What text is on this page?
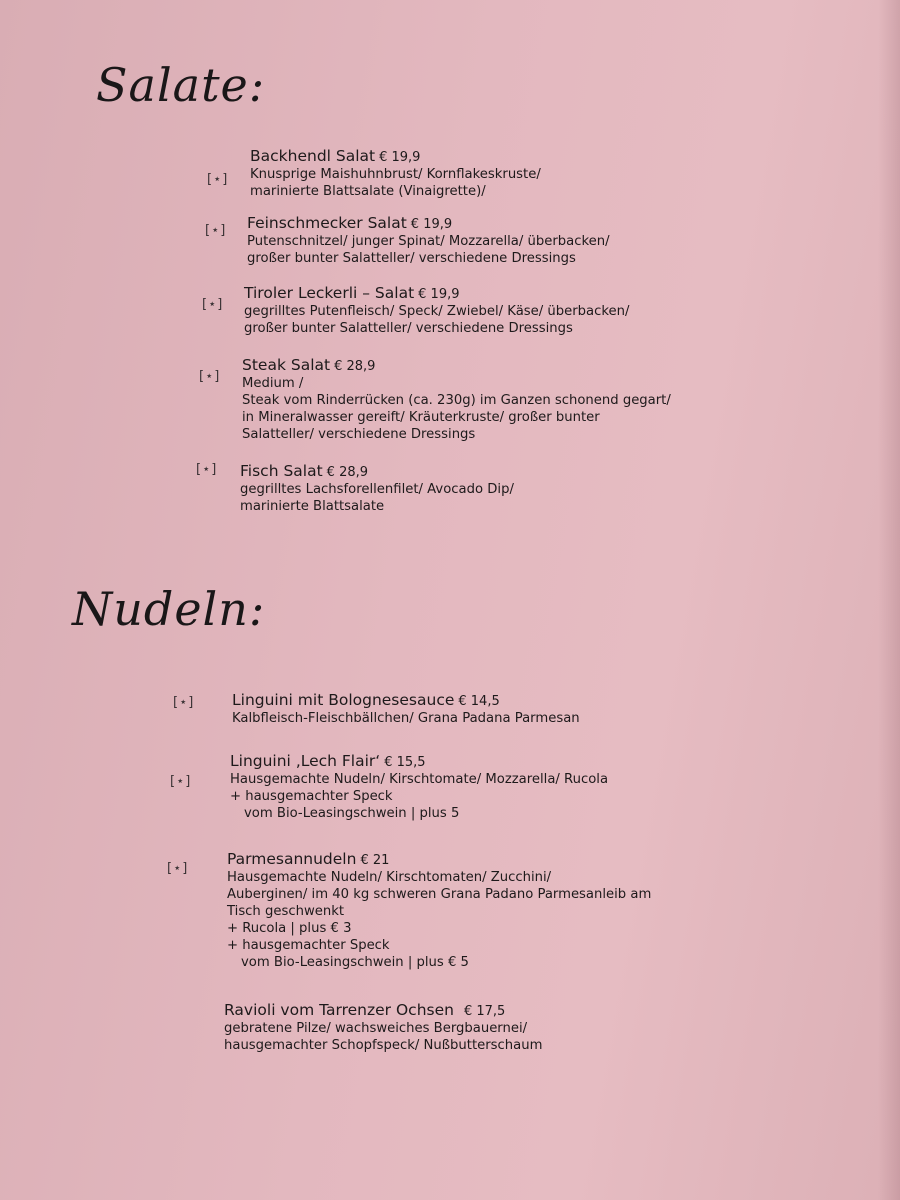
Salate:
[⋆]
Backhendl Salat € 19,9
Knusprige Maishuhnbrust/ Kornflakeskruste/
marinierte Blattsalate (Vinaigrette)/
[⋆] Feinschmecker Salat € 19,9
Putenschnitzel/ junger Spinat/ Mozzarella/ überbacken/
großer bunter Salatteller/ verschiedene Dressings
[⋆]
Tiroler Leckerli – Salat € 19,9
gegrilltes Putenfleisch/ Speck/ Zwiebel/ Käse/ überbacken/
großer bunter Salatteller/ verschiedene Dressings
[⋆]
Steak Salat € 28,9
Medium /
Steak vom Rinderrücken (ca. 230g) im Ganzen schonend gegart/
in Mineralwasser gereift/ Kräuterkruste/ großer bunter
Salatteller/ verschiedene Dressings
[⋆] Fisch Salat € 28,9
gegrilltes Lachsforellenfilet/ Avocado Dip/
marinierte Blattsalate
Nudeln:
[⋆] Linguini mit Bolognesesauce € 14,5
Kalbfleisch-Fleischbällchen/ Grana Padana Parmesan
[⋆]
Linguini ‚Lech Flair‘ € 15,5
Hausgemachte Nudeln/ Kirschtomate/ Mozzarella/ Rucola
+ hausgemachter Speck
vom Bio-Leasingschwein | plus 5
[⋆]
Parmesannudeln € 21
Hausgemachte Nudeln/ Kirschtomaten/ Zucchini/
Auberginen/ im 40 kg schweren Grana Padano Parmesanleib am
Tisch geschwenkt
+ Rucola | plus € 3
+ hausgemachter Speck
vom Bio-Leasingschwein | plus € 5
Ravioli vom Tarrenzer Ochsen € 17,5
gebratene Pilze/ wachsweiches Bergbauernei/
hausgemachter Schopfspeck/ Nußbutterschaum
